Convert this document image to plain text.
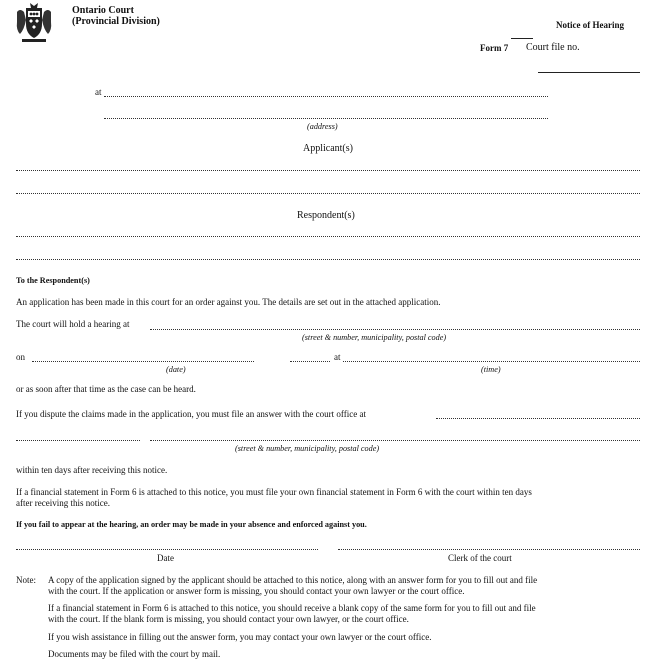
Ontario Court
(Provincial Division)	Notice of Hearing
Form 7 Court file no.
at
(address)
Applicant(s)
Respondent(s)
To the Respondent(s)
An application has been made in this court for an order against you. The details are set out in the attached application.
The court will hold a hearing at
(street & number, municipality, postal code)
on	at
(date)	(time)
or as soon after that time as the case can be heard.
If you dispute the claims made in the application, you must file an answer with the court office at
(street & number, municipality, postal code)
within ten days after receiving this notice.
If a financial statement in Form 6 is attached to this notice, you must file your own financial statement in Form 6 with the court within ten days
after receiving this notice.
If you fail to appear at the hearing, an order may be made in your absence and enforced against you.
Date	Clerk of the court
Note: A copy of the application signed by the applicant should be attached to this notice, along with an answer form for you to fill out and file
with the court. If the application or answer form is missing, you should contact your own lawyer or the court office.
If a financial statement in Form 6 is attached to this notice, you should receive a blank copy of the same form for you to fill out and file
with the court. If the blank form is missing, you should contact your own lawyer, or the court office.
If you wish assistance in filling out the answer form, you may contact your own lawyer or the court office.
Documents may be filed with the court by mail.
